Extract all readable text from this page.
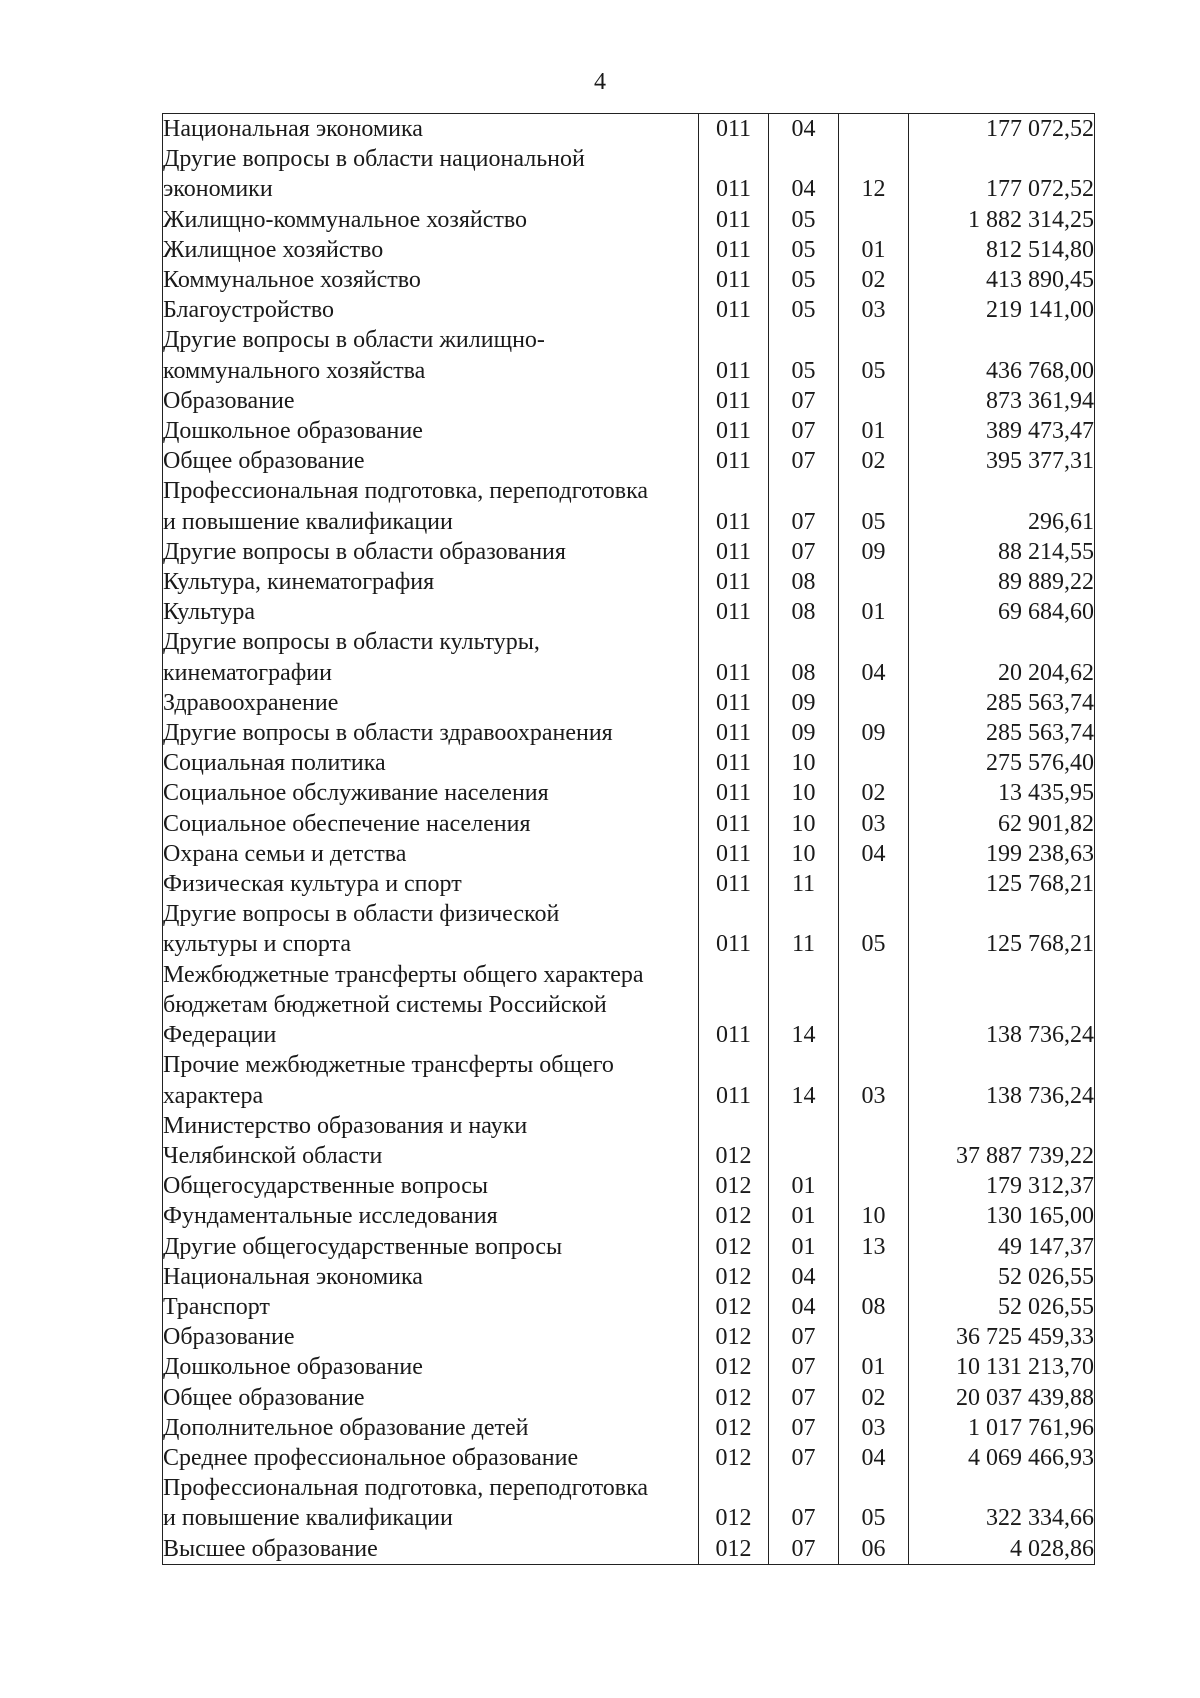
4
Национальная экономика	011	04		177 072,52

Другие вопросы в области национальной
экономики	011	04	12	177 072,52

Жилищно-коммунальное хозяйство	011	05		1 882 314,25

Жилищное хозяйство	011	05	01	812 514,80

Коммунальное хозяйство	011	05	02	413 890,45

Благоустройство	011	05	03	219 141,00

Другие вопросы в области жилищно-
коммунального хозяйства	011	05	05	436 768,00

Образование	011	07		873 361,94

Дошкольное образование	011	07	01	389 473,47

Общее образование	011	07	02	395 377,31

Профессиональная подготовка, переподготовка
и повышение квалификации	011	07	05	296,61

Другие вопросы в области образования	011	07	09	88 214,55

Культура, кинематография	011	08		89 889,22

Культура	011	08	01	69 684,60

Другие вопросы в области культуры,
кинематографии	011	08	04	20 204,62

Здравоохранение	011	09		285 563,74

Другие вопросы в области здравоохранения	011	09	09	285 563,74

Социальная политика	011	10		275 576,40

Социальное обслуживание населения	011	10	02	13 435,95

Социальное обеспечение населения	011	10	03	62 901,82

Охрана семьи и детства	011	10	04	199 238,63

Физическая культура и спорт	011	11		125 768,21

Другие вопросы в области физической
культуры и спорта	011	11	05	125 768,21

Межбюджетные трансферты общего характера
бюджетам бюджетной системы Российской
Федерации	011	14		138 736,24

Прочие межбюджетные трансферты общего
характера	011	14	03	138 736,24

Министерство образования и науки
Челябинской области	012			37 887 739,22

Общегосударственные вопросы	012	01		179 312,37

Фундаментальные исследования	012	01	10	130 165,00

Другие общегосударственные вопросы	012	01	13	49 147,37

Национальная экономика	012	04		52 026,55

Транспорт	012	04	08	52 026,55

Образование	012	07		36 725 459,33

Дошкольное образование	012	07	01	10 131 213,70

Общее образование	012	07	02	20 037 439,88

Дополнительное образование детей	012	07	03	1 017 761,96

Среднее профессиональное образование	012	07	04	4 069 466,93

Профессиональная подготовка, переподготовка
и повышение квалификации	012	07	05	322 334,66

Высшее образование	012	07	06	4 028,86
